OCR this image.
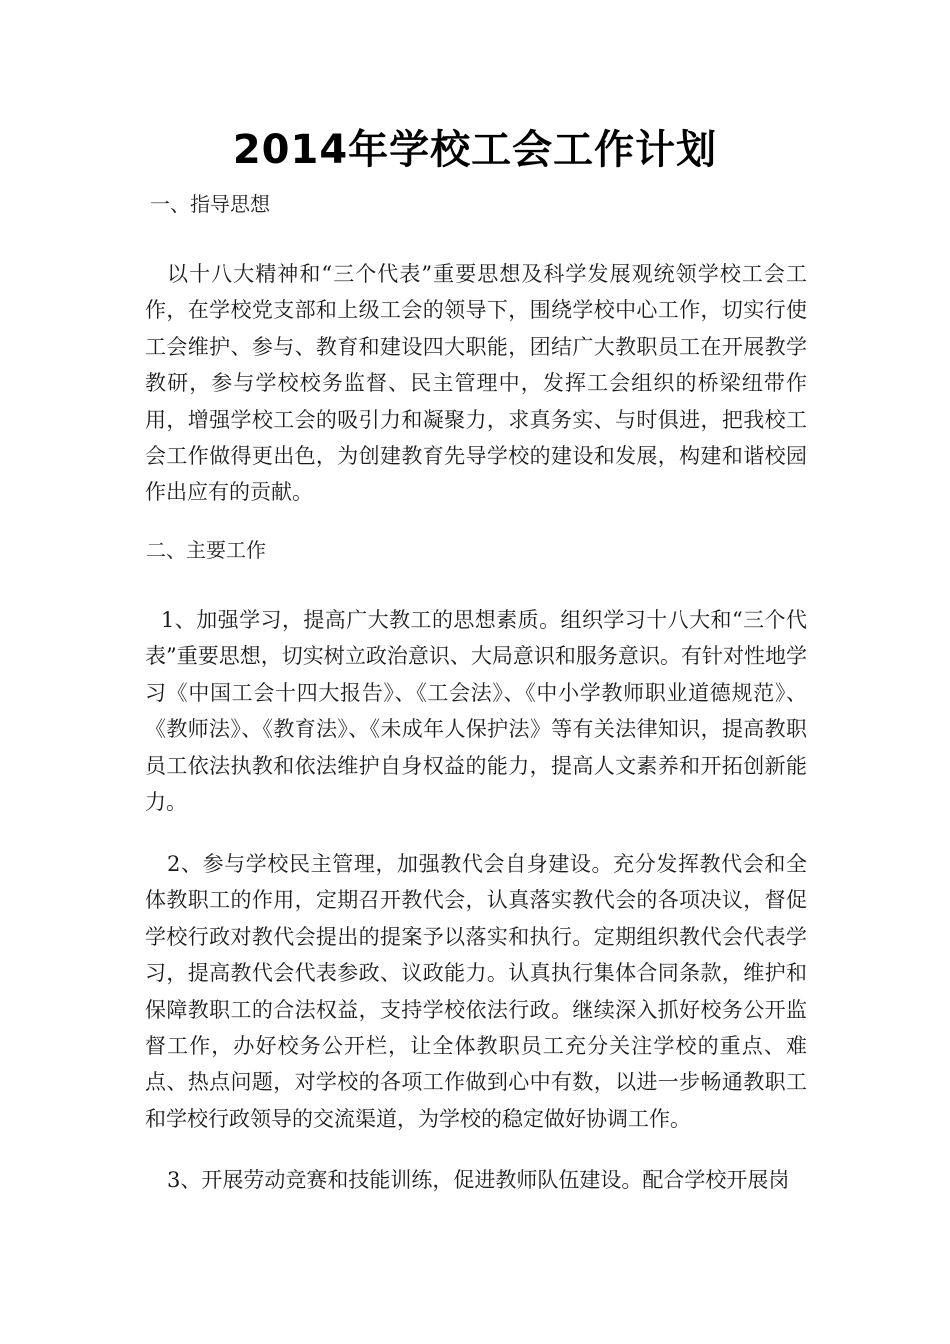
2014年学校工会工作计划
一、指导思想

以十八大精神和“三个代表”重要思想及科学发展观统领学校工会工作，在学校党支部和上级工会的领导下，围绕学校中心工作，切实行使工会维护、参与、教育和建设四大职能，团结广大教职员工在开展教学教研，参与学校校务监督、民主管理中，发挥工会组织的桥梁纽带作用，增强学校工会的吸引力和凝聚力，求真务实、与时俱进，把我校工会工作做得更出色，为创建教育先导学校的建设和发展，构建和谐校园作出应有的贡献。

二、主要工作

1、加强学习，提高广大教工的思想素质。组织学习十八大和“三个代表”重要思想，切实树立政治意识、大局意识和服务意识。有针对性地学习《中国工会十四大报告》、《工会法》、《中小学教师职业道德规范》、《教师法》、《教育法》、《未成年人保护法》等有关法律知识，提高教职员工依法执教和依法维护自身权益的能力，提高人文素养和开拓创新能力。

2、参与学校民主管理，加强教代会自身建设。充分发挥教代会和全体教职工的作用，定期召开教代会，认真落实教代会的各项决议，督促学校行政对教代会提出的提案予以落实和执行。定期组织教代会代表学习，提高教代会代表参政、议政能力。认真执行集体合同条款，维护和保障教职工的合法权益，支持学校依法行政。继续深入抓好校务公开监督工作，办好校务公开栏，让全体教职员工充分关注学校的重点、难点、热点问题，对学校的各项工作做到心中有数，以进一步畅通教职工和学校行政领导的交流渠道，为学校的稳定做好协调工作。

3、开展劳动竞赛和技能训练，促进教师队伍建设。配合学校开展岗
